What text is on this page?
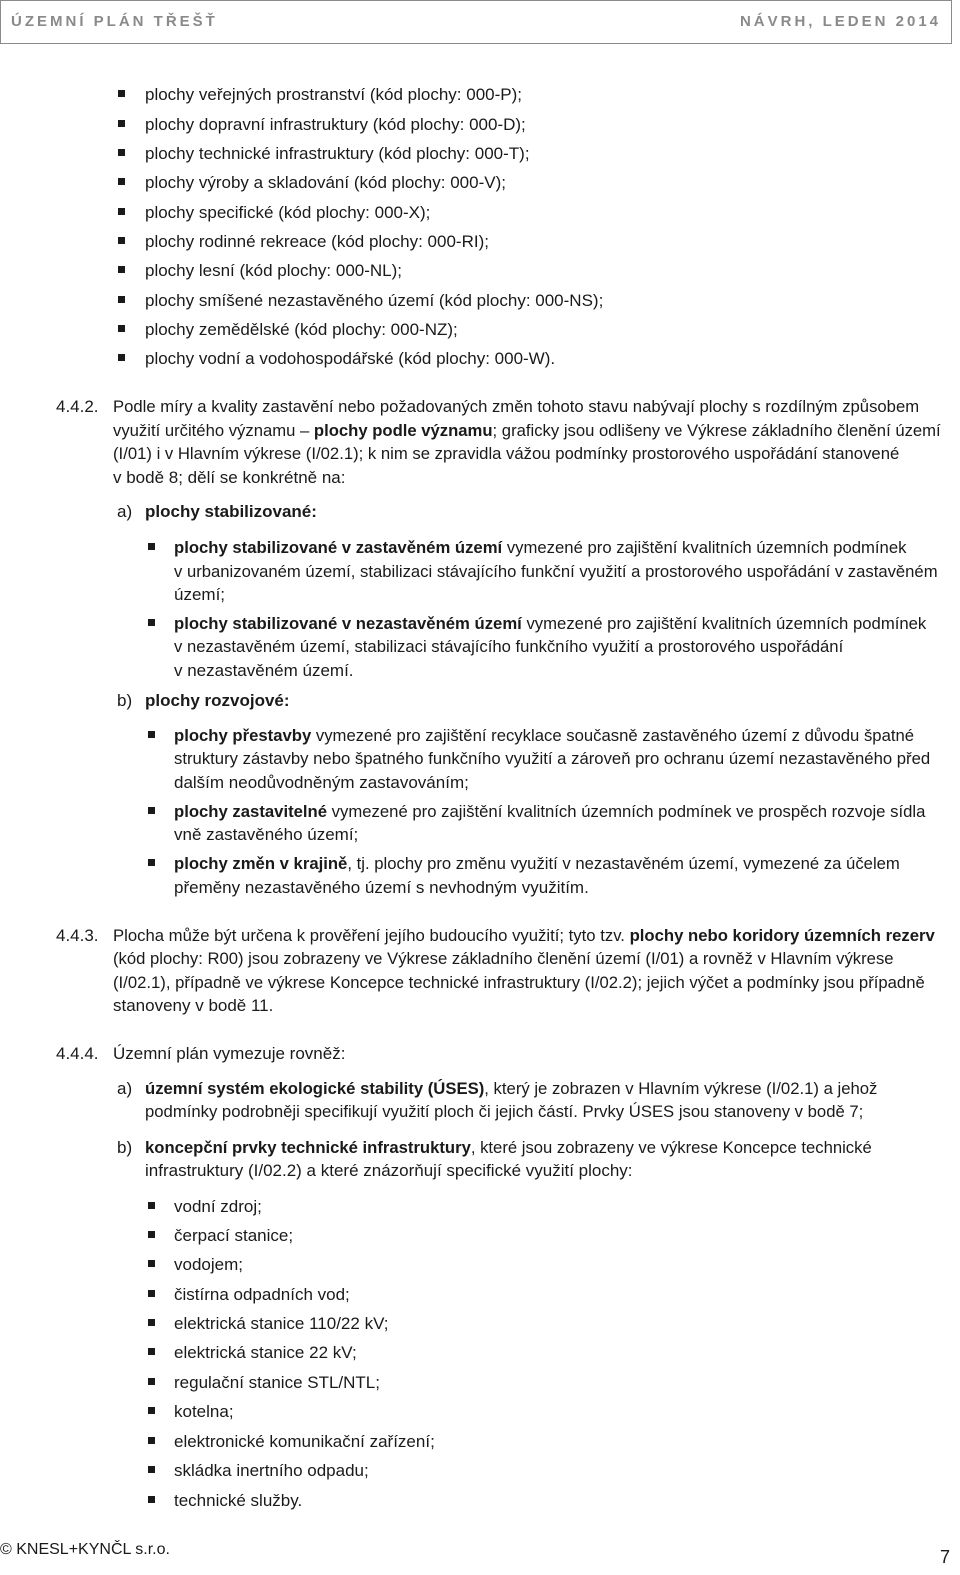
ÚZEMNÍ PLÁN TŘEŠŤ	NÁVRH, LEDEN 2014
plochy veřejných prostranství (kód plochy: 000-P);
plochy dopravní infrastruktury (kód plochy: 000-D);
plochy technické infrastruktury (kód plochy: 000-T);
plochy výroby a skladování (kód plochy: 000-V);
plochy specifické (kód plochy: 000-X);
plochy rodinné rekreace (kód plochy: 000-RI);
plochy lesní (kód plochy: 000-NL);
plochy smíšené nezastavěného území (kód plochy: 000-NS);
plochy zemědělské (kód plochy: 000-NZ);
plochy vodní a vodohospodářské (kód plochy: 000-W).
4.4.2. Podle míry a kvality zastavění nebo požadovaných změn tohoto stavu nabývají plochy s rozdílným způsobem
využití určitého významu – plochy podle významu; graficky jsou odlišeny ve Výkrese základního členění území
(I/01) i v Hlavním výkrese (I/02.1); k nim se zpravidla vážou podmínky prostorového uspořádání stanovené
v bodě 8; dělí se konkrétně na:
a) plochy stabilizované:
plochy stabilizované v zastavěném území vymezené pro zajištění kvalitních územních podmínek
v urbanizovaném území, stabilizaci stávajícího funkční využití a prostorového uspořádání v zastavěném
území;
plochy stabilizované v nezastavěném území vymezené pro zajištění kvalitních územních podmínek
v nezastavěném území, stabilizaci stávajícího funkčního využití a prostorového uspořádání
v nezastavěném území.
b) plochy rozvojové:
plochy přestavby vymezené pro zajištění recyklace současně zastavěného území z důvodu špatné
struktury zástavby nebo špatného funkčního využití a zároveň pro ochranu území nezastavěného před
dalším neodůvodněným zastavováním;
plochy zastavitelné vymezené pro zajištění kvalitních územních podmínek ve prospěch rozvoje sídla
vně zastavěného území;
plochy změn v krajině, tj. plochy pro změnu využití v nezastavěném území, vymezené za účelem
přeměny nezastavěného území s nevhodným využitím.
4.4.3. Plocha může být určena k prověření jejího budoucího využití; tyto tzv. plochy nebo koridory územních rezerv
(kód plochy: R00) jsou zobrazeny ve Výkrese základního členění území (I/01) a rovněž v Hlavním výkrese
(I/02.1), případně ve výkrese Koncepce technické infrastruktury (I/02.2); jejich výčet a podmínky jsou případně
stanoveny v bodě 11.
4.4.4. Územní plán vymezuje rovněž:
a) územní systém ekologické stability (ÚSES), který je zobrazen v Hlavním výkrese (I/02.1) a jehož
podmínky podrobněji specifikují využití ploch či jejich částí. Prvky ÚSES jsou stanoveny v bodě 7;
b) koncepční prvky technické infrastruktury, které jsou zobrazeny ve výkrese Koncepce technické
infrastruktury (I/02.2) a které znázorňují specifické využití plochy:
vodní zdroj;
čerpací stanice;
vodojem;
čistírna odpadních vod;
elektrická stanice 110/22 kV;
elektrická stanice 22 kV;
regulační stanice STL/NTL;
kotelna;
elektronické komunikační zařízení;
skládka inertního odpadu;
technické služby.
© KNESL+KYNČL s.r.o.	7
